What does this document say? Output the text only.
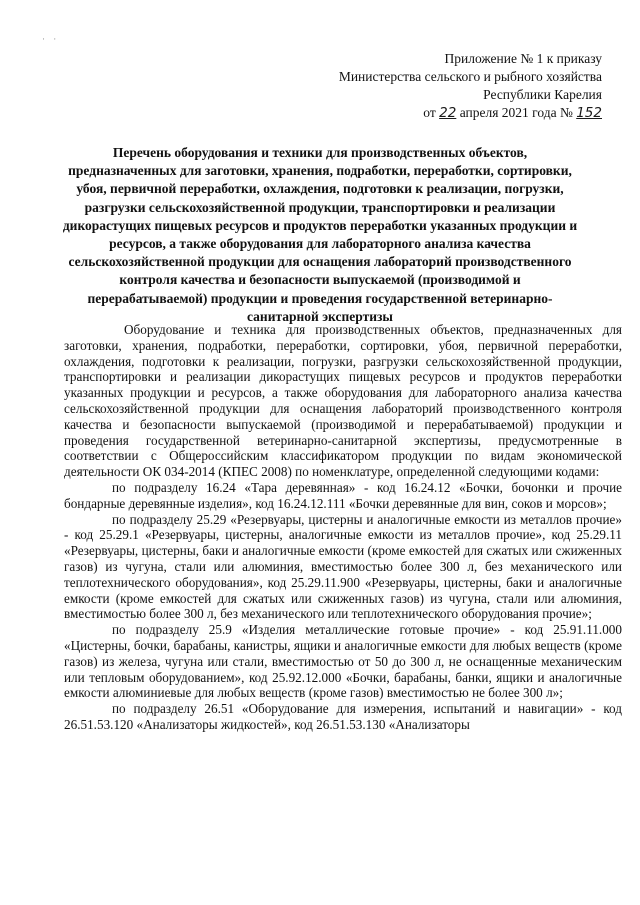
· ·
Приложение № 1 к приказу
Министерства сельского и рыбного хозяйства
Республики Карелия
от 22 апреля 2021 года № 152
Перечень оборудования и техники для производственных объектов, предназначенных для заготовки, хранения, подработки, переработки, сортировки, убоя, первичной переработки, охлаждения, подготовки к реализации, погрузки, разгрузки сельскохозяйственной продукции, транспортировки и реализации дикорастущих пищевых ресурсов и продуктов переработки указанных продукции и ресурсов, а также оборудования для лабораторного анализа качества сельскохозяйственной продукции для оснащения лабораторий производственного контроля качества и безопасности выпускаемой (производимой и перерабатываемой) продукции и проведения государственной ветеринарно-санитарной экспертизы

Оборудование и техника для производственных объектов, предназначенных для заготовки, хранения, подработки, переработки, сортировки, убоя, первичной переработки, охлаждения, подготовки к реализации, погрузки, разгрузки сельскохозяйственной продукции, транспортировки и реализации дикорастущих пищевых ресурсов и продуктов переработки указанных продукции и ресурсов, а также оборудования для лабораторного анализа качества сельскохозяйственной продукции для оснащения лабораторий производственного контроля качества и безопасности выпускаемой (производимой и перерабатываемой) продукции и проведения государственной ветеринарно-санитарной экспертизы, предусмотренные в соответствии с Общероссийским классификатором продукции по видам экономической деятельности ОК 034-2014 (КПЕС 2008) по номенклатуре, определенной следующими кодами:

по подразделу 16.24 «Тара деревянная» - код 16.24.12 «Бочки, бочонки и прочие бондарные деревянные изделия», код 16.24.12.111 «Бочки деревянные для вин, соков и морсов»;

по подразделу 25.29 «Резервуары, цистерны и аналогичные емкости из металлов прочие» - код 25.29.1 «Резервуары, цистерны, аналогичные емкости из металлов прочие», код 25.29.11 «Резервуары, цистерны, баки и аналогичные емкости (кроме емкостей для сжатых или сжиженных газов) из чугуна, стали или алюминия, вместимостью более 300 л, без механического или теплотехнического оборудования», код 25.29.11.900 «Резервуары, цистерны, баки и аналогичные емкости (кроме емкостей для сжатых или сжиженных газов) из чугуна, стали или алюминия, вместимостью более 300 л, без механического или теплотехнического оборудования прочие»;

по подразделу 25.9 «Изделия металлические готовые прочие» - код 25.91.11.000 «Цистерны, бочки, барабаны, канистры, ящики и аналогичные емкости для любых веществ (кроме газов) из железа, чугуна или стали, вместимостью от 50 до 300 л, не оснащенные механическим или тепловым оборудованием», код 25.92.12.000 «Бочки, барабаны, банки, ящики и аналогичные емкости алюминиевые для любых веществ (кроме газов) вместимостью не более 300 л»;

по подразделу 26.51 «Оборудование для измерения, испытаний и навигации» - код 26.51.53.120 «Анализаторы жидкостей», код 26.51.53.130 «Анализаторы
